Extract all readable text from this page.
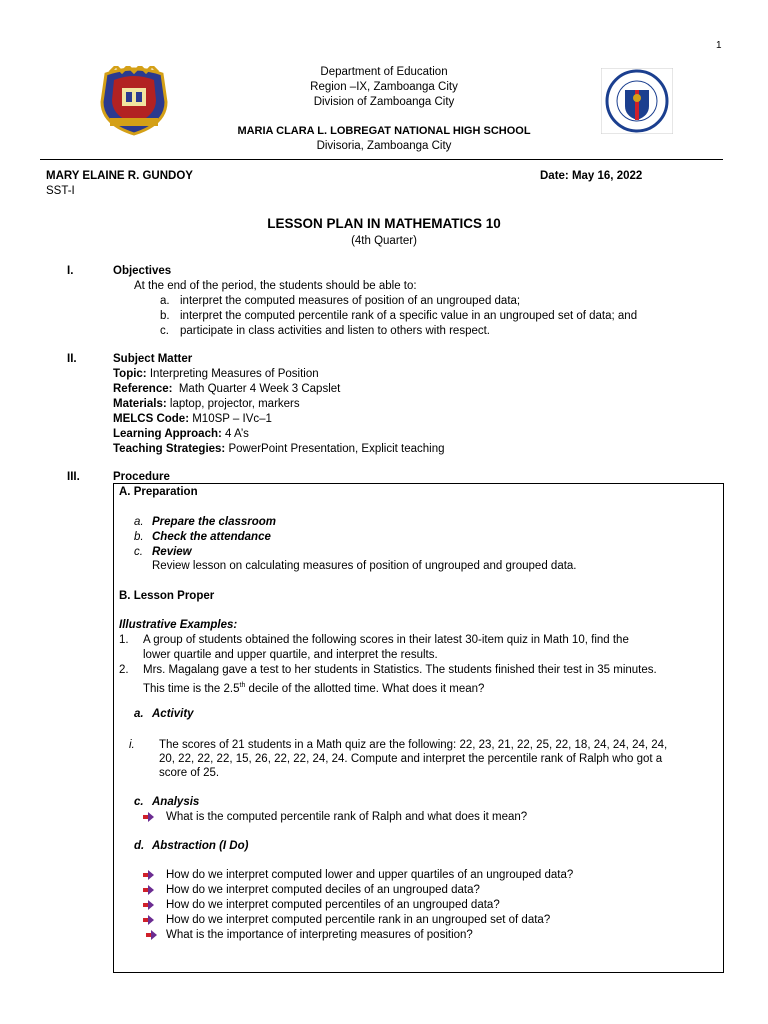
1
Department of Education
Region –IX, Zamboanga City
Division of Zamboanga City
MARIA CLARA L. LOBREGAT NATIONAL HIGH SCHOOL
Divisoria, Zamboanga City
MARY ELAINE R. GUNDOY
SST-I
Date: May 16, 2022
LESSON PLAN IN MATHEMATICS 10
(4th Quarter)
I.	Objectives
At the end of the period, the students should be able to:
a. interpret the computed measures of position of an ungrouped data;
b. interpret the computed percentile rank of a specific value in an ungrouped set of data; and
c. participate in class activities and listen to others with respect.
II.	Subject Matter
Topic: Interpreting Measures of Position
Reference:  Math Quarter 4 Week 3 Capslet
Materials: laptop, projector, markers
MELCS Code: M10SP – IVc–1
Learning Approach: 4 A’s
Teaching Strategies: PowerPoint Presentation, Explicit teaching
III.	Procedure
A. Preparation
a. Prepare the classroom
b. Check the attendance
c. Review
Review lesson on calculating measures of position of ungrouped and grouped data.
B. Lesson Proper
Illustrative Examples:
1. A group of students obtained the following scores in their latest 30-item quiz in Math 10, find the
lower quartile and upper quartile, and interpret the results.
2. Mrs. Magalang gave a test to her students in Statistics. The students finished their test in 35 minutes.
This time is the 2.5th decile of the allotted time. What does it mean?
a. Activity
i. The scores of 21 students in a Math quiz are the following: 22, 23, 21, 22, 25, 22, 18, 24, 24, 24, 24,
20, 22, 22, 22, 15, 26, 22, 22, 24, 24. Compute and interpret the percentile rank of Ralph who got a
score of 25.
c. Analysis
What is the computed percentile rank of Ralph and what does it mean?
d. Abstraction (I Do)
How do we interpret computed lower and upper quartiles of an ungrouped data?
How do we interpret computed deciles of an ungrouped data?
How do we interpret computed percentiles of an ungrouped data?
How do we interpret computed percentile rank in an ungrouped set of data?
What is the importance of interpreting measures of position?
